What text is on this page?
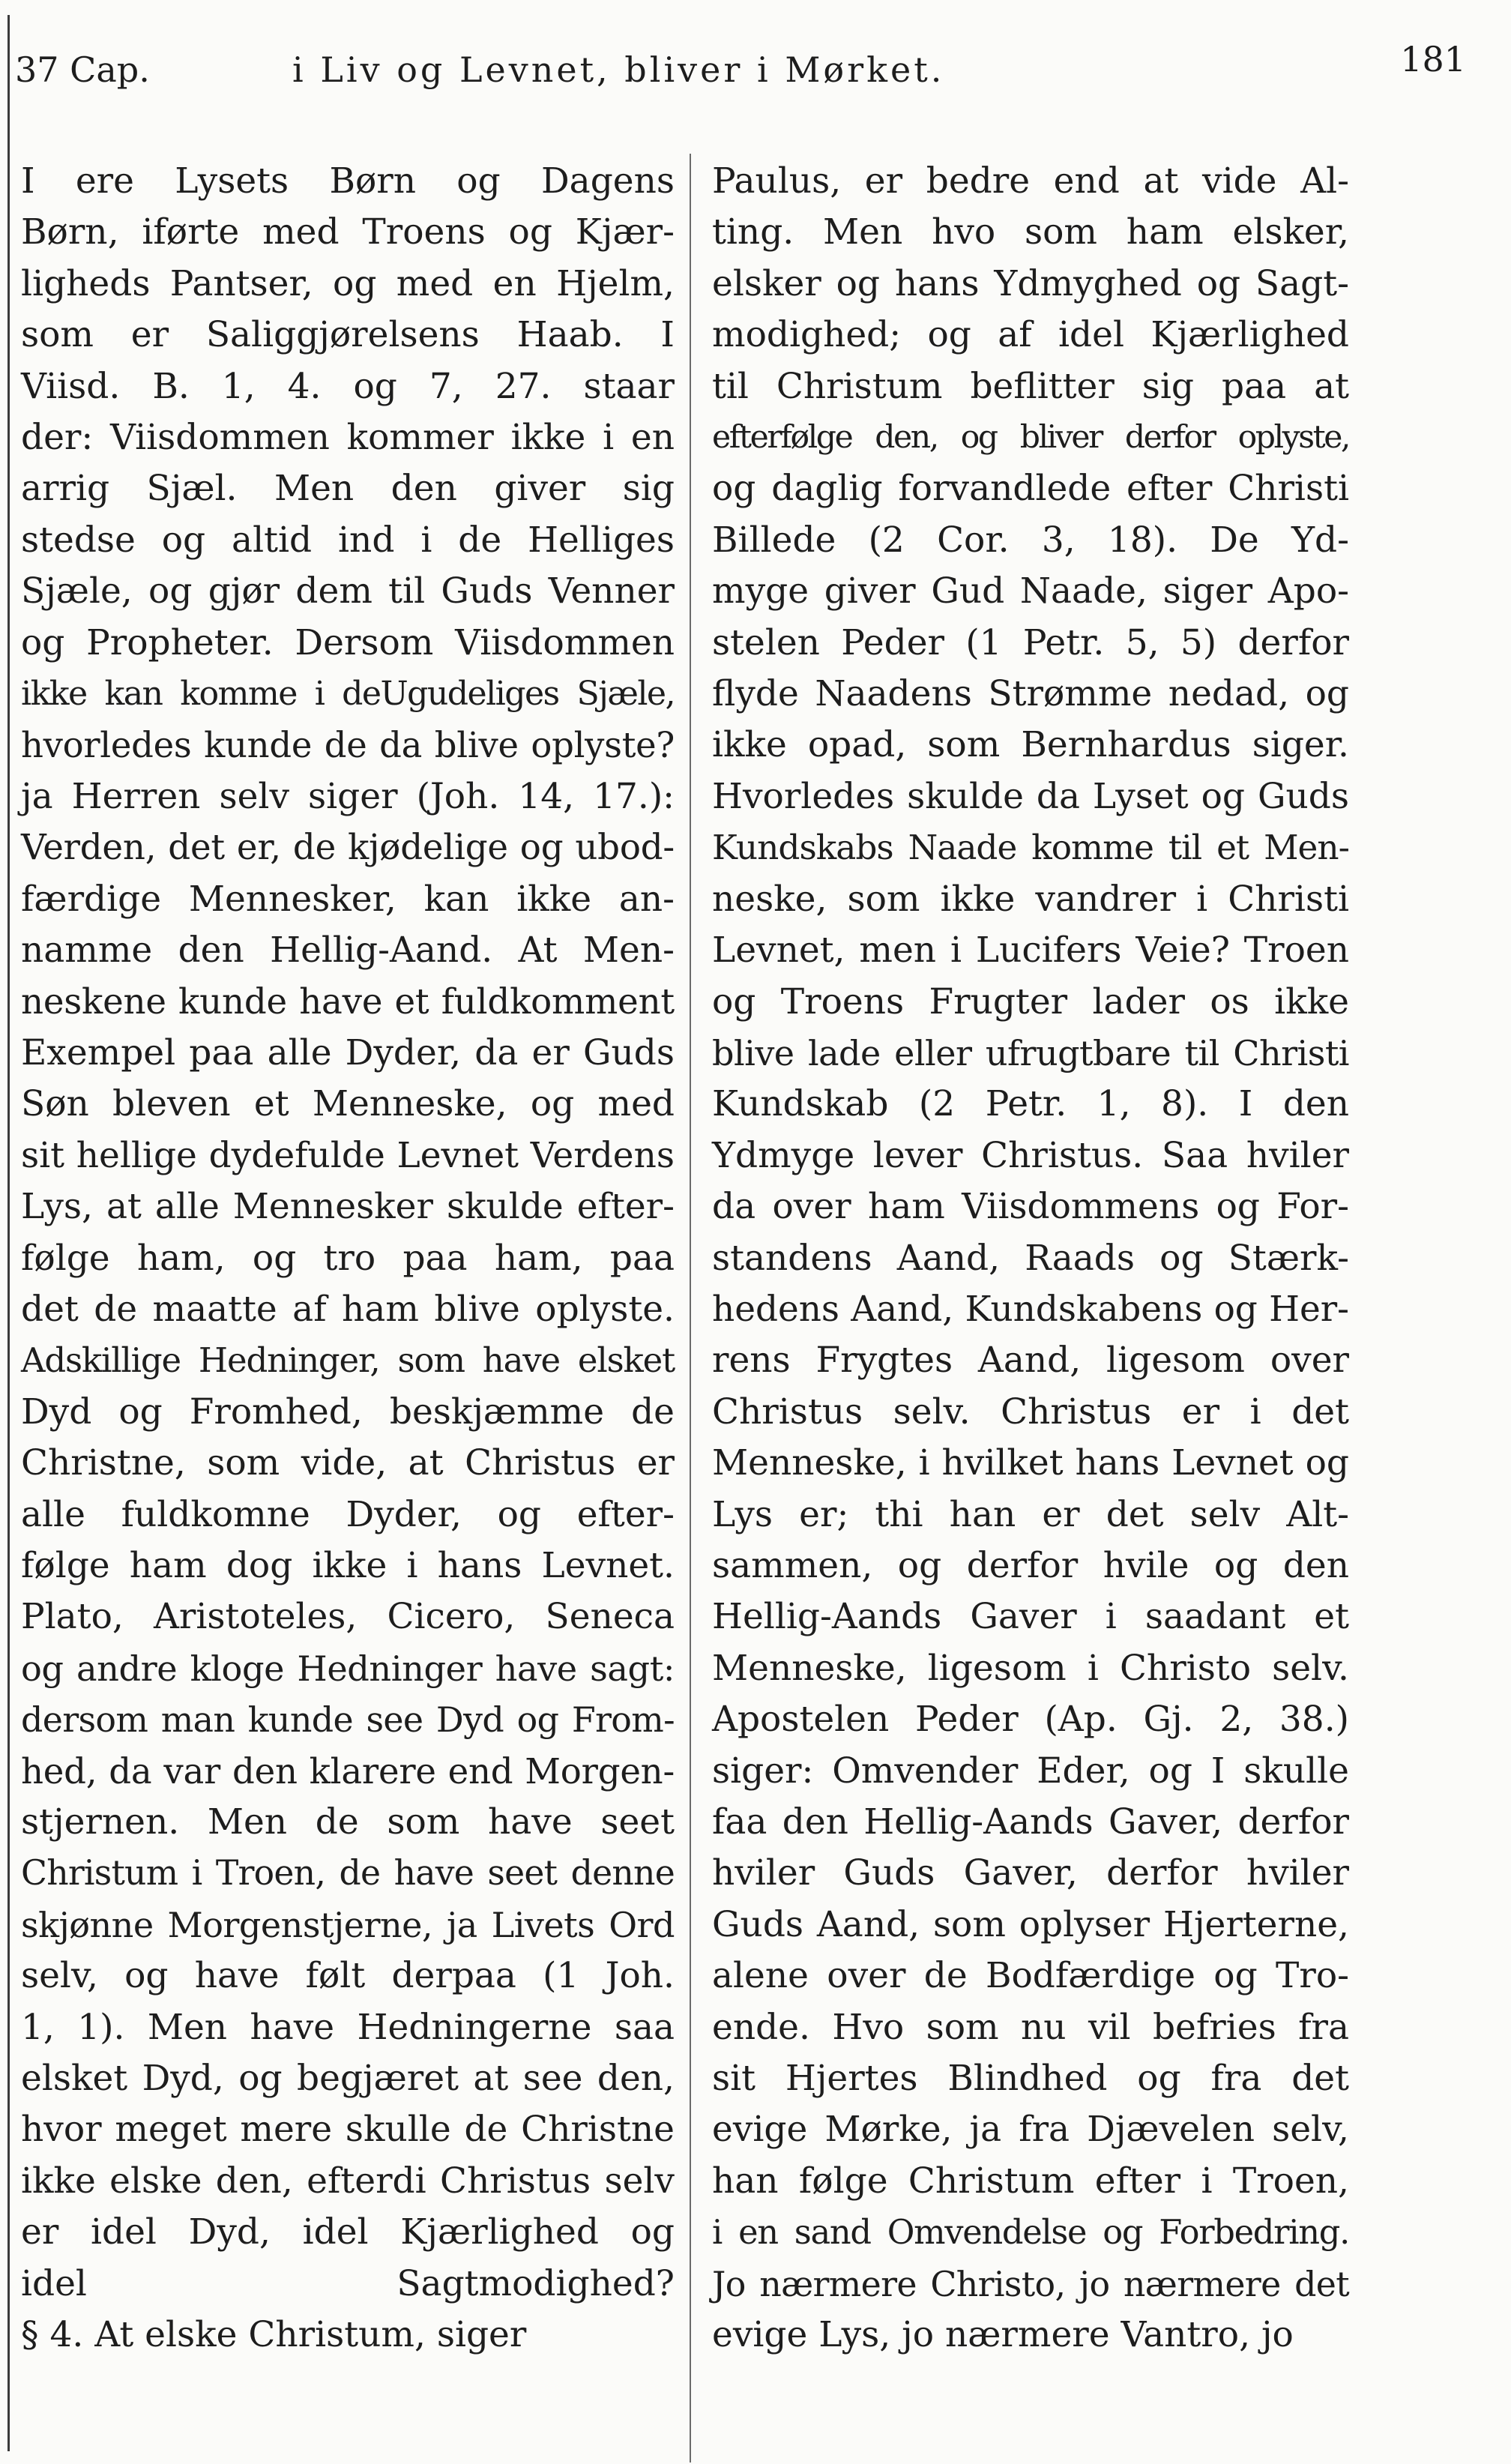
37 Cap.	i Liv og Levnet, bliver i Mørket.	181
I ere Lysets Børn og Dagens
Børn, iførte med Troens og Kjær-
ligheds Pantser, og med en Hjelm,
som er Saliggjørelsens Haab. I
Viisd. B. 1, 4. og 7, 27. staar
der: Viisdommen kommer ikke i en
arrig Sjæl. Men den giver sig
stedse og altid ind i de Helliges
Sjæle, og gjør dem til Guds Venner
og Propheter. Dersom Viisdommen
ikke kan komme i deUgudeliges Sjæle,
hvorledes kunde de da blive oplyste?
ja Herren selv siger (Joh. 14, 17.):
Verden, det er, de kjødelige og ubod-
færdige Mennesker, kan ikke an-
namme den Hellig-Aand. At Men-
neskene kunde have et fuldkomment
Exempel paa alle Dyder, da er Guds
Søn bleven et Menneske, og med
sit hellige dydefulde Levnet Verdens
Lys, at alle Mennesker skulde efter-
følge ham, og tro paa ham, paa
det de maatte af ham blive oplyste.
Adskillige Hedninger, som have elsket
Dyd og Fromhed, beskjæmme de
Christne, som vide, at Christus er
alle fuldkomne Dyder, og efter-
følge ham dog ikke i hans Levnet.
Plato, Aristoteles, Cicero, Seneca
og andre kloge Hedninger have sagt:
dersom man kunde see Dyd og From-
hed, da var den klarere end Morgen-
stjernen. Men de som have seet
Christum i Troen, de have seet denne
skjønne Morgenstjerne, ja Livets Ord
selv, og have følt derpaa (1 Joh.
1, 1). Men have Hedningerne saa
elsket Dyd, og begjæret at see den,
hvor meget mere skulle de Christne
ikke elske den, efterdi Christus selv
er idel Dyd, idel Kjærlighed og
idel Sagtmodighed?
§ 4. At elske Christum, siger
Paulus, er bedre end at vide Al-
ting. Men hvo som ham elsker,
elsker og hans Ydmyghed og Sagt-
modighed; og af idel Kjærlighed
til Christum beflitter sig paa at
efterfølge den, og bliver derfor oplyste,
og daglig forvandlede efter Christi
Billede (2 Cor. 3, 18). De Yd-
myge giver Gud Naade, siger Apo-
stelen Peder (1 Petr. 5, 5) derfor
flyde Naadens Strømme nedad, og
ikke opad, som Bernhardus siger.
Hvorledes skulde da Lyset og Guds
Kundskabs Naade komme til et Men-
neske, som ikke vandrer i Christi
Levnet, men i Lucifers Veie? Troen
og Troens Frugter lader os ikke
blive lade eller ufrugtbare til Christi
Kundskab (2 Petr. 1, 8). I den
Ydmyge lever Christus. Saa hviler
da over ham Viisdommens og For-
standens Aand, Raads og Stærk-
hedens Aand, Kundskabens og Her-
rens Frygtes Aand, ligesom over
Christus selv. Christus er i det
Menneske, i hvilket hans Levnet og
Lys er; thi han er det selv Alt-
sammen, og derfor hvile og den
Hellig-Aands Gaver i saadant et
Menneske, ligesom i Christo selv.
Apostelen Peder (Ap. Gj. 2, 38.)
siger: Omvender Eder, og I skulle
faa den Hellig-Aands Gaver, derfor
hviler Guds Gaver, derfor hviler
Guds Aand, som oplyser Hjerterne,
alene over de Bodfærdige og Tro-
ende. Hvo som nu vil befries fra
sit Hjertes Blindhed og fra det
evige Mørke, ja fra Djævelen selv,
han følge Christum efter i Troen,
i en sand Omvendelse og Forbedring.
Jo nærmere Christo, jo nærmere det
evige Lys, jo nærmere Vantro, jo
